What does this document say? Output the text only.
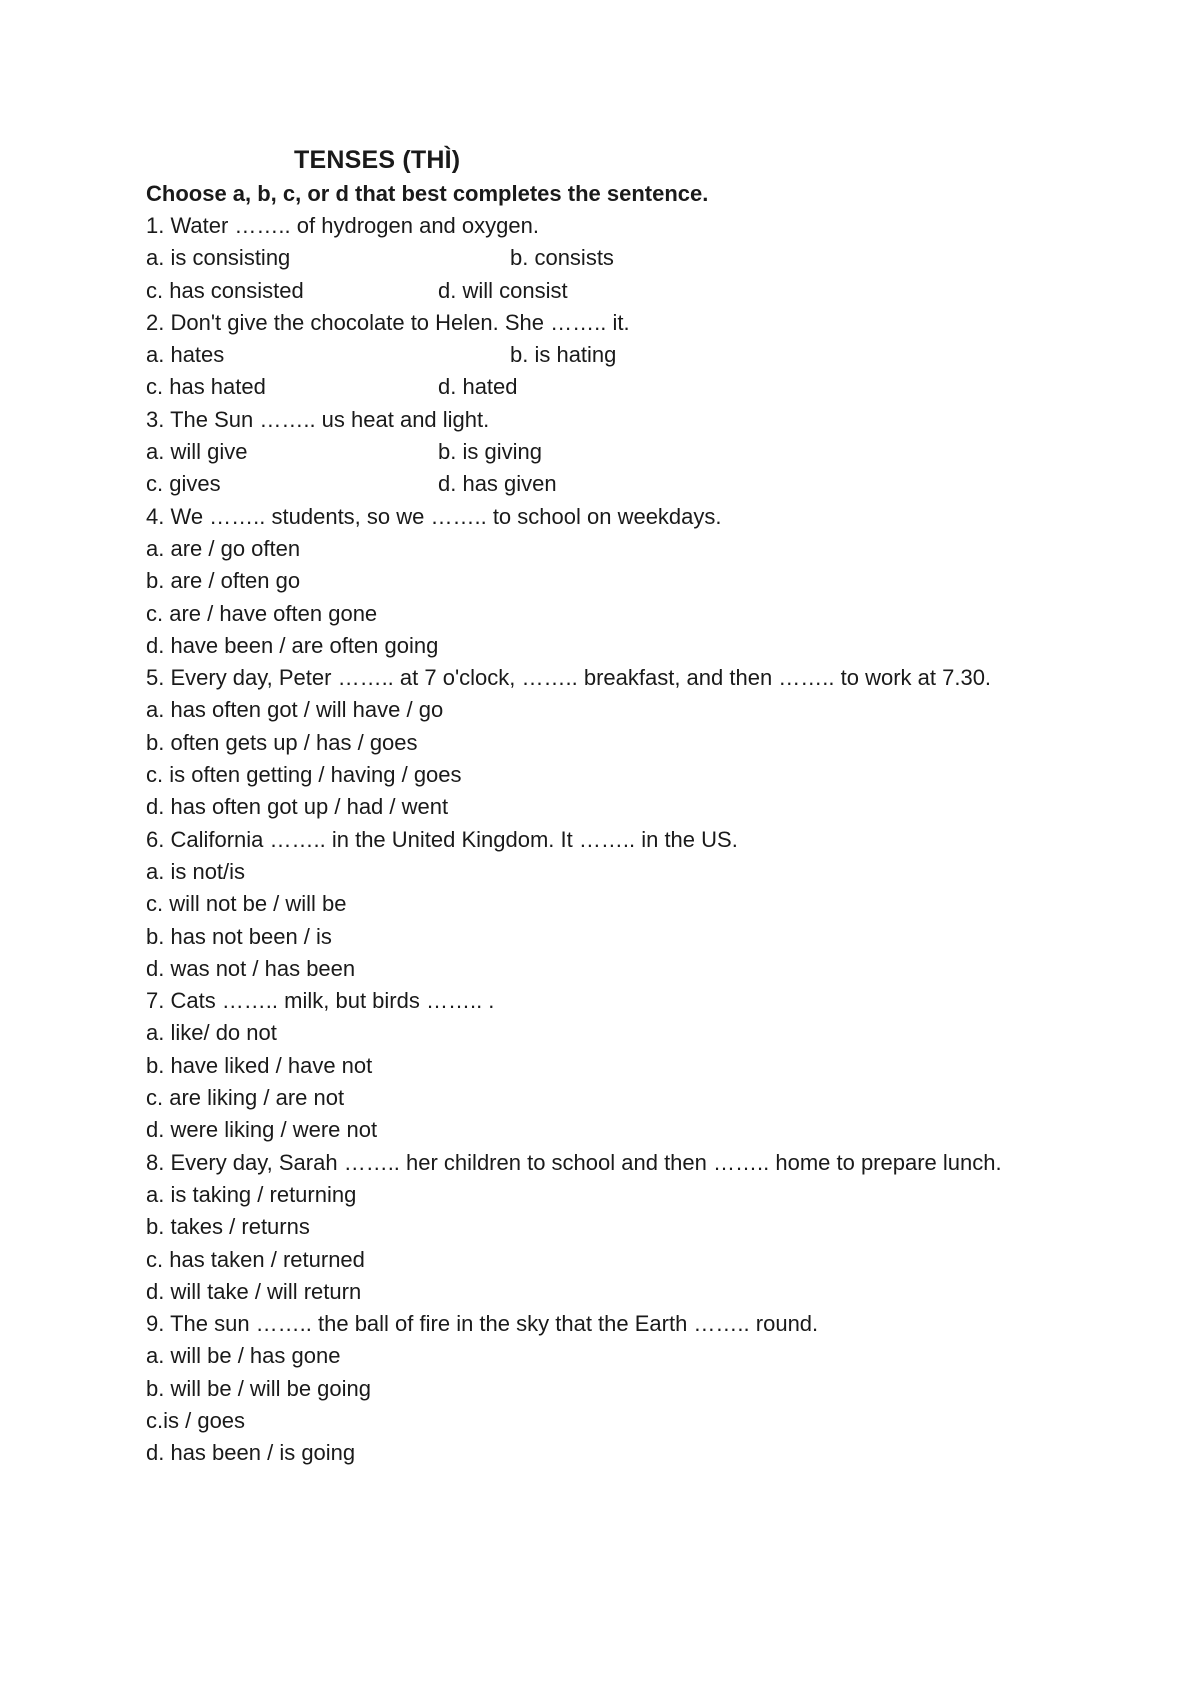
TENSES (THÌ)
Choose a, b, c, or d that best completes the sentence.
1. Water …….. of hydrogen and oxygen.
a. is consisting	b. consists
c. has consisted	d. will consist
2. Don't give the chocolate to Helen. She …….. it.
a. hates	b. is hating
c. has hated	d. hated
3. The Sun …….. us heat and light.
a. will give	b. is giving
c. gives	d. has given
4. We …….. students, so we …….. to school on weekdays.
a. are / go often
b. are / often go
c. are / have often gone
d. have been / are often going
5. Every day, Peter …….. at 7 o'clock, …….. breakfast, and then …….. to work at 7.30.
a. has often got / will have / go
b. often gets up / has / goes
c. is often getting / having / goes
d. has often got up / had / went
6. California …….. in the United Kingdom. It …….. in the US.
a. is not/is
c. will not be / will be
b. has not been / is
d. was not / has been
7. Cats …….. milk, but birds …….. .
a. like/ do not
b. have liked / have not
c. are liking / are not
d. were liking / were not
8. Every day, Sarah …….. her children to school and then …….. home to prepare lunch.
a. is taking / returning
b. takes / returns
c. has taken / returned
d. will take / will return
9. The sun …….. the ball of fire in the sky that the Earth …….. round.
a. will be / has gone
b. will be / will be going
c.is / goes
d. has been / is going
